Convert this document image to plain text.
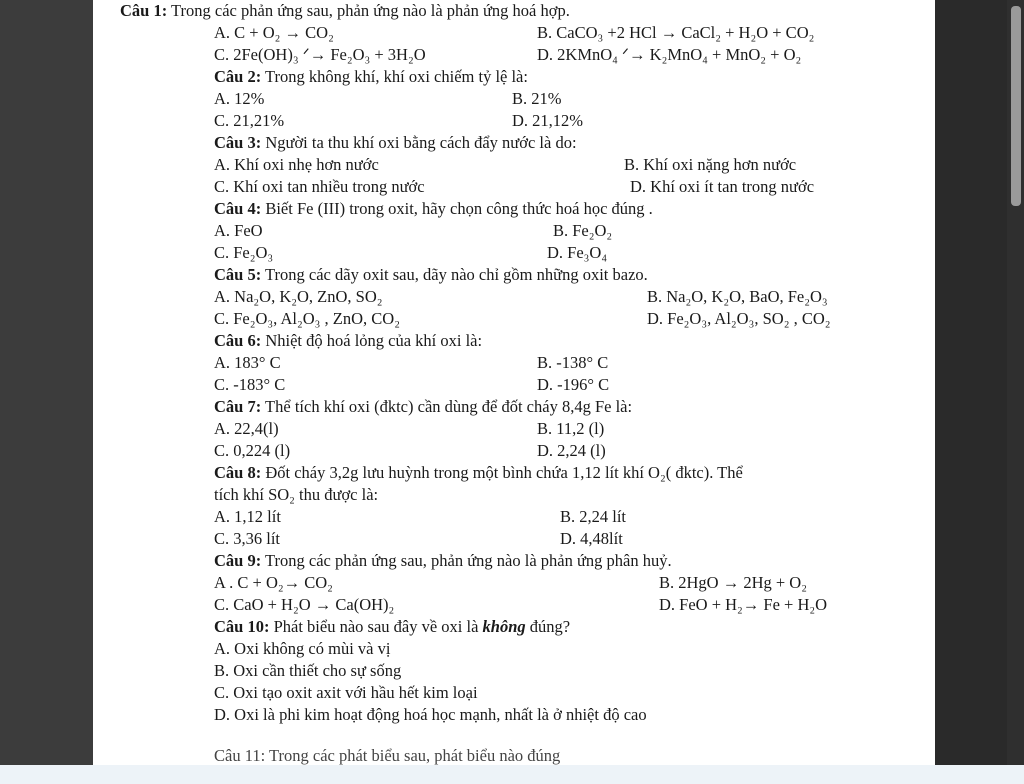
Câu 1: Trong các phản ứng sau, phản ứng nào là phản ứng hoá hợp.
A. C + O₂ → CO₂	B. CaCO₃ +2 HCl → CaCl₂ + H₂O + CO₂
C. 2Fe(OH)₃ ᐟ→ Fe₂O₃ + 3H₂O	D. 2KMnO₄ ᐟ→ K₂MnO₄ + MnO₂ + O₂
Câu 2: Trong không khí, khí oxi chiếm tỷ lệ là:
A. 12%	B. 21%
C. 21,21%	D. 21,12%
Câu 3: Người ta thu khí oxi bằng cách đẩy nước là do:
A. Khí oxi nhẹ hơn nước	B. Khí oxi nặng hơn nước
C. Khí oxi tan nhiều trong nước	D. Khí oxi ít tan trong nước
Câu 4: Biết Fe (III) trong oxit, hãy chọn công thức hoá học đúng .
A. FeO	B. Fe₂O₂
C. Fe₂O₃	D. Fe₃O₄
Câu 5: Trong các dãy oxit sau, dãy nào chỉ gồm những oxit bazo.
A. Na₂O, K₂O, ZnO, SO₂	B. Na₂O, K₂O, BaO, Fe₂O₃
C. Fe₂O₃, Al₂O₃ , ZnO, CO₂	D. Fe₂O₃, Al₂O₃, SO₂ , CO₂
Câu 6: Nhiệt độ hoá lỏng của khí oxi là:
A. 183° C	B. -138° C
C. -183° C	D. -196° C
Câu 7: Thể tích khí oxi (đktc) cần dùng để đốt cháy 8,4g Fe là:
A. 22,4(l)	B. 11,2 (l)
C. 0,224 (l)	D. 2,24 (l)
Câu 8: Đốt cháy 3,2g lưu huỳnh trong một bình chứa 1,12 lít khí O₂( đktc). Thể
tích khí SO₂ thu được là:
A. 1,12 lít	B. 2,24 lít
C. 3,36 lít	D. 4,48lít
Câu 9: Trong các phản ứng sau, phản ứng nào là phản ứng phân huỷ.
A . C + O₂→ CO₂	B. 2HgO → 2Hg + O₂
C. CaO + H₂O → Ca(OH)₂	D. FeO + H₂→ Fe + H₂O
Câu 10: Phát biểu nào sau đây về oxi là không đúng?
A. Oxi không có mùi và vị
B. Oxi cần thiết cho sự sống
C. Oxi tạo oxit axit với hầu hết kim loại
D. Oxi là phi kim hoạt động hoá học mạnh, nhất là ở nhiệt độ cao
Câu 11: Trong các phát biểu sau, phát biểu nào đúng
